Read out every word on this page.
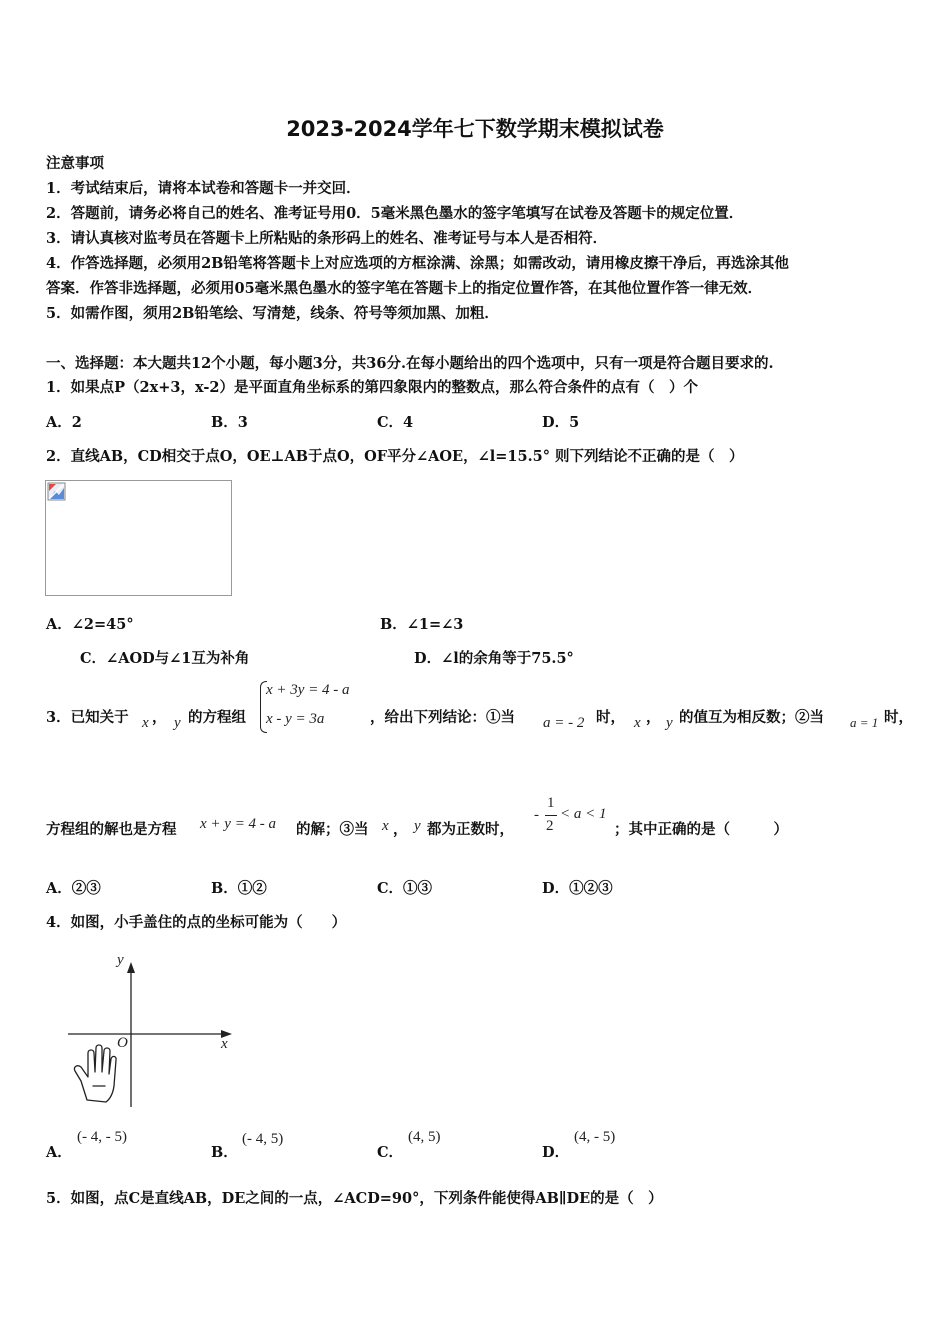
2023-2024学年七下数学期末模拟试卷
注意事项
1．考试结束后，请将本试卷和答题卡一并交回．
2．答题前，请务必将自己的姓名、准考证号用0．5毫米黑色墨水的签字笔填写在试卷及答题卡的规定位置．
3．请认真核对监考员在答题卡上所粘贴的条形码上的姓名、准考证号与本人是否相符．
4．作答选择题，必须用2B铅笔将答题卡上对应选项的方框涂满、涂黑；如需改动，请用橡皮擦干净后，再选涂其他
答案．作答非选择题，必须用05毫米黑色墨水的签字笔在答题卡上的指定位置作答，在其他位置作答一律无效．
5．如需作图，须用2B铅笔绘、写清楚，线条、符号等须加黑、加粗．
一、选择题：本大题共12个小题，每小题3分，共36分.在每小题给出的四个选项中，只有一项是符合题目要求的.
1．如果点P（2x+3，x-2）是平面直角坐标系的第四象限内的整数点，那么符合条件的点有（　）个
A．2	B．3	C．4	D．5
2．直线AB，CD相交于点O，OE⊥AB于点O，OF平分∠AOE，∠l=15.5° 则下列结论不正确的是（　）
A．∠2=45°	B．∠1=∠3
C．∠AOD与∠1互为补角	D．∠l的余角等于75.5°
3．已知关于 x ， y 的方程组
x + 3y = 4 - a
x - y = 3a	，给出下列结论：①当 a = - 2 时， x ， y 的值互为相反数；②当 a = 1 时，
方程组的解也是方程 x + y = 4 - a 的解；③当 x ， y 都为正数时，
-
1
2
< a < 1
；其中正确的是（　　　）
A．②③	B．①②	C．①③	D．①②③
4．如图，小手盖住的点的坐标可能为（　　）
y
x
O
A．
(- 4, - 5)
B．
(- 4, 5)
C．
(4, 5)
D．
(4, - 5)
5．如图，点C是直线AB，DE之间的一点，∠ACD=90°，下列条件能使得AB∥DE的是（　）
